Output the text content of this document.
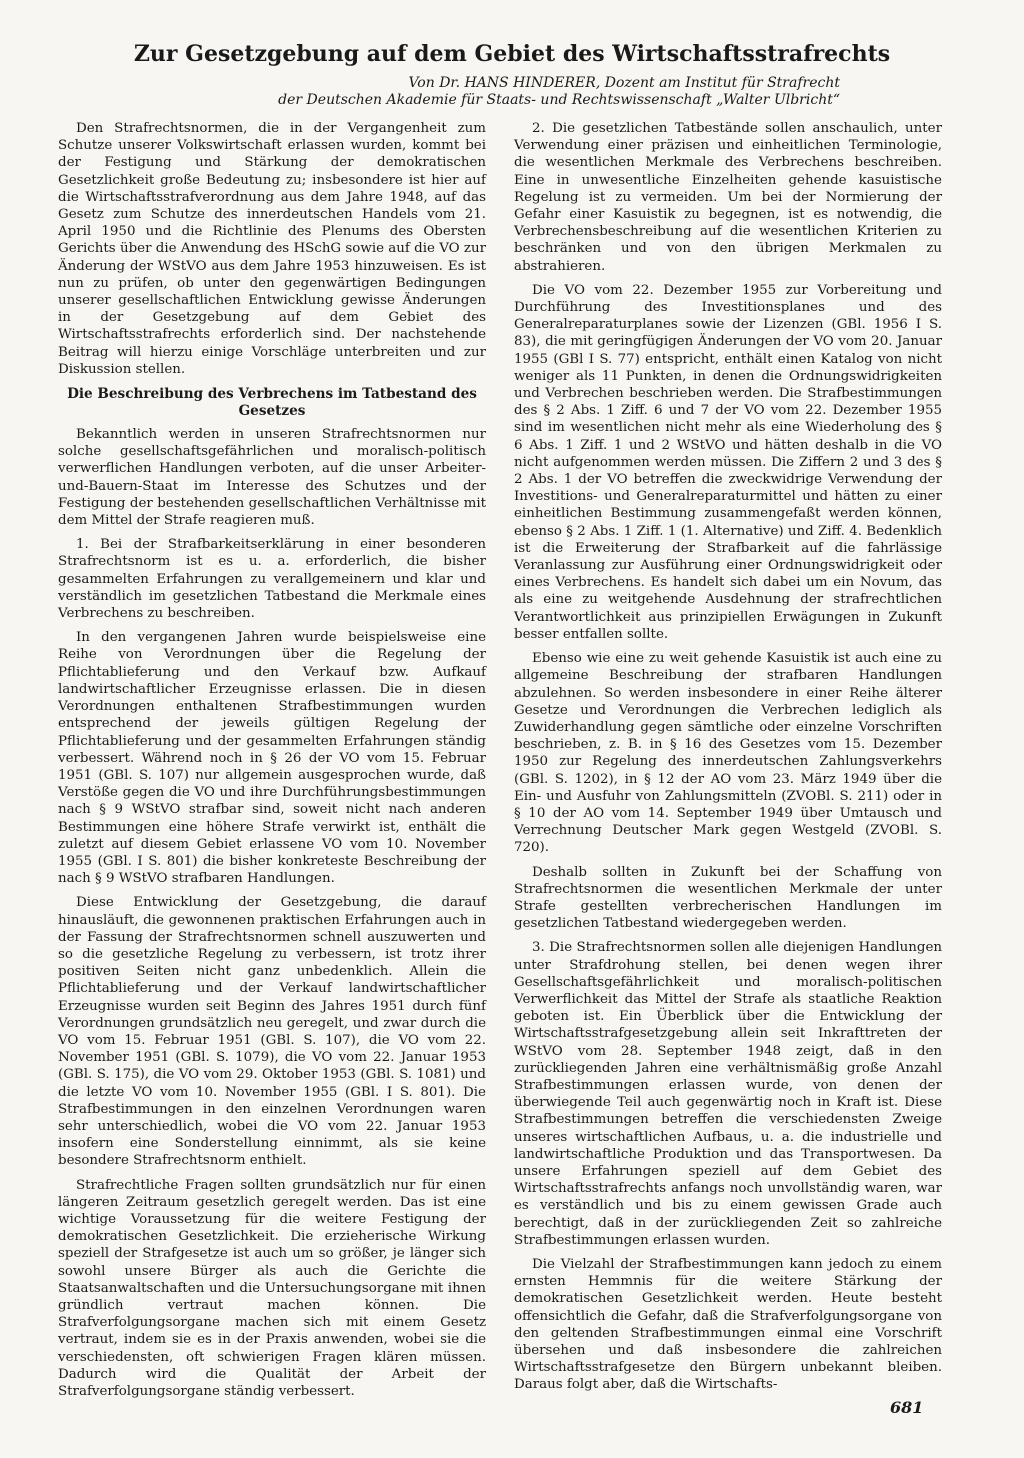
Zur Gesetzgebung auf dem Gebiet des Wirtschaftsstrafrechts
Von Dr. HANS HINDERER, Dozent am Institut für Strafrecht
der Deutschen Akademie für Staats- und Rechtswissenschaft „Walter Ulbricht“

Den Strafrechtsnormen, die in der Vergangenheit zum Schutze unserer Volkswirtschaft erlassen wurden, kommt bei der Festigung und Stärkung der demokratischen Gesetzlichkeit große Bedeutung zu; insbesondere ist hier auf die Wirtschaftsstrafverordnung aus dem Jahre 1948, auf das Gesetz zum Schutze des innerdeutschen Handels vom 21. April 1950 und die Richtlinie des Plenums des Obersten Gerichts über die Anwendung des HSchG sowie auf die VO zur Änderung der WStVO aus dem Jahre 1953 hinzuweisen. Es ist nun zu prüfen, ob unter den gegenwärtigen Bedingungen unserer gesellschaftlichen Entwicklung gewisse Änderungen in der Gesetzgebung auf dem Gebiet des Wirtschaftsstrafrechts erforderlich sind. Der nachstehende Beitrag will hierzu einige Vorschläge unterbreiten und zur Diskussion stellen.

Die Beschreibung des Verbrechens im Tatbestand des Gesetzes

Bekanntlich werden in unseren Strafrechtsnormen nur solche gesellschaftsgefährlichen und moralisch-politisch verwerflichen Handlungen verboten, auf die unser Arbeiter-und-Bauern-Staat im Interesse des Schutzes und der Festigung der bestehenden gesellschaftlichen Verhältnisse mit dem Mittel der Strafe reagieren muß.

1. Bei der Strafbarkeitserklärung in einer besonderen Strafrechtsnorm ist es u. a. erforderlich, die bisher gesammelten Erfahrungen zu verallgemeinern und klar und verständlich im gesetzlichen Tatbestand die Merkmale eines Verbrechens zu beschreiben.

In den vergangenen Jahren wurde beispielsweise eine Reihe von Verordnungen über die Regelung der Pflichtablieferung und den Verkauf bzw. Aufkauf landwirtschaftlicher Erzeugnisse erlassen. Die in diesen Verordnungen enthaltenen Strafbestimmungen wurden entsprechend der jeweils gültigen Regelung der Pflichtablieferung und der gesammelten Erfahrungen ständig verbessert. Während noch in § 26 der VO vom 15. Februar 1951 (GBl. S. 107) nur allgemein ausgesprochen wurde, daß Verstöße gegen die VO und ihre Durchführungsbestimmungen nach § 9 WStVO strafbar sind, soweit nicht nach anderen Bestimmungen eine höhere Strafe verwirkt ist, enthält die zuletzt auf diesem Gebiet erlassene VO vom 10. November 1955 (GBl. I S. 801) die bisher konkreteste Beschreibung der nach § 9 WStVO strafbaren Handlungen.

Diese Entwicklung der Gesetzgebung, die darauf hinausläuft, die gewonnenen praktischen Erfahrungen auch in der Fassung der Strafrechtsnormen schnell auszuwerten und so die gesetzliche Regelung zu verbessern, ist trotz ihrer positiven Seiten nicht ganz unbedenklich. Allein die Pflichtablieferung und der Verkauf landwirtschaftlicher Erzeugnisse wurden seit Beginn des Jahres 1951 durch fünf Verordnungen grundsätzlich neu geregelt, und zwar durch die VO vom 15. Februar 1951 (GBl. S. 107), die VO vom 22. November 1951 (GBl. S. 1079), die VO vom 22. Januar 1953 (GBl. S. 175), die VO vom 29. Oktober 1953 (GBl. S. 1081) und die letzte VO vom 10. November 1955 (GBl. I S. 801). Die Strafbestimmungen in den einzelnen Verordnungen waren sehr unterschiedlich, wobei die VO vom 22. Januar 1953 insofern eine Sonderstellung einnimmt, als sie keine besondere Strafrechtsnorm enthielt.

Strafrechtliche Fragen sollten grundsätzlich nur für einen längeren Zeitraum gesetzlich geregelt werden. Das ist eine wichtige Voraussetzung für die weitere Festigung der demokratischen Gesetzlichkeit. Die erzieherische Wirkung speziell der Strafgesetze ist auch um so größer, je länger sich sowohl unsere Bürger als auch die Gerichte die Staatsanwaltschaften und die Untersuchungsorgane mit ihnen gründlich vertraut machen können. Die Strafverfolgungsorgane machen sich mit einem Gesetz vertraut, indem sie es in der Praxis anwenden, wobei sie die verschiedensten, oft schwierigen Fragen klären müssen. Dadurch wird die Qualität der Arbeit der Strafverfolgungsorgane ständig verbessert.

2. Die gesetzlichen Tatbestände sollen anschaulich, unter Verwendung einer präzisen und einheitlichen Terminologie, die wesentlichen Merkmale des Verbrechens beschreiben. Eine in unwesentliche Einzelheiten gehende kasuistische Regelung ist zu vermeiden. Um bei der Normierung der Gefahr einer Kasuistik zu begegnen, ist es notwendig, die Verbrechensbeschreibung auf die wesentlichen Kriterien zu beschränken und von den übrigen Merkmalen zu abstrahieren.

Die VO vom 22. Dezember 1955 zur Vorbereitung und Durchführung des Investitionsplanes und des Generalreparaturplanes sowie der Lizenzen (GBl. 1956 I S. 83), die mit geringfügigen Änderungen der VO vom 20. Januar 1955 (GBl I S. 77) entspricht, enthält einen Katalog von nicht weniger als 11 Punkten, in denen die Ordnungswidrigkeiten und Verbrechen beschrieben werden. Die Strafbestimmungen des § 2 Abs. 1 Ziff. 6 und 7 der VO vom 22. Dezember 1955 sind im wesentlichen nicht mehr als eine Wiederholung des § 6 Abs. 1 Ziff. 1 und 2 WStVO und hätten deshalb in die VO nicht aufgenommen werden müssen. Die Ziffern 2 und 3 des § 2 Abs. 1 der VO betreffen die zweckwidrige Verwendung der Investitions- und Generalreparaturmittel und hätten zu einer einheitlichen Bestimmung zusammengefaßt werden können, ebenso § 2 Abs. 1 Ziff. 1 (1. Alternative) und Ziff. 4. Bedenklich ist die Erweiterung der Strafbarkeit auf die fahrlässige Veranlassung zur Ausführung einer Ordnungswidrigkeit oder eines Verbrechens. Es handelt sich dabei um ein Novum, das als eine zu weitgehende Ausdehnung der strafrechtlichen Verantwortlichkeit aus prinzipiellen Erwägungen in Zukunft besser entfallen sollte.

Ebenso wie eine zu weit gehende Kasuistik ist auch eine zu allgemeine Beschreibung der strafbaren Handlungen abzulehnen. So werden insbesondere in einer Reihe älterer Gesetze und Verordnungen die Verbrechen lediglich als Zuwiderhandlung gegen sämtliche oder einzelne Vorschriften beschrieben, z. B. in § 16 des Gesetzes vom 15. Dezember 1950 zur Regelung des innerdeutschen Zahlungsverkehrs (GBl. S. 1202), in § 12 der AO vom 23. März 1949 über die Ein- und Ausfuhr von Zahlungsmitteln (ZVOBl. S. 211) oder in § 10 der AO vom 14. September 1949 über Umtausch und Verrechnung Deutscher Mark gegen Westgeld (ZVOBl. S. 720).

Deshalb sollten in Zukunft bei der Schaffung von Strafrechtsnormen die wesentlichen Merkmale der unter Strafe gestellten verbrecherischen Handlungen im gesetzlichen Tatbestand wiedergegeben werden.

3. Die Strafrechtsnormen sollen alle diejenigen Handlungen unter Strafdrohung stellen, bei denen wegen ihrer Gesellschaftsgefährlichkeit und moralisch-politischen Verwerflichkeit das Mittel der Strafe als staatliche Reaktion geboten ist. Ein Überblick über die Entwicklung der Wirtschaftsstrafgesetzgebung allein seit Inkrafttreten der WStVO vom 28. September 1948 zeigt, daß in den zurückliegenden Jahren eine verhältnismäßig große Anzahl Strafbestimmungen erlassen wurde, von denen der überwiegende Teil auch gegenwärtig noch in Kraft ist. Diese Strafbestimmungen betreffen die verschiedensten Zweige unseres wirtschaftlichen Aufbaus, u. a. die industrielle und landwirtschaftliche Produktion und das Transportwesen. Da unsere Erfahrungen speziell auf dem Gebiet des Wirtschaftsstrafrechts anfangs noch unvollständig waren, war es verständlich und bis zu einem gewissen Grade auch berechtigt, daß in der zurückliegenden Zeit so zahlreiche Strafbestimmungen erlassen wurden.

Die Vielzahl der Strafbestimmungen kann jedoch zu einem ernsten Hemmnis für die weitere Stärkung der demokratischen Gesetzlichkeit werden. Heute besteht offensichtlich die Gefahr, daß die Strafverfolgungsorgane von den geltenden Strafbestimmungen einmal eine Vorschrift übersehen und daß insbesondere die zahlreichen Wirtschaftsstrafgesetze den Bürgern unbekannt bleiben. Daraus folgt aber, daß die Wirtschafts-

681
